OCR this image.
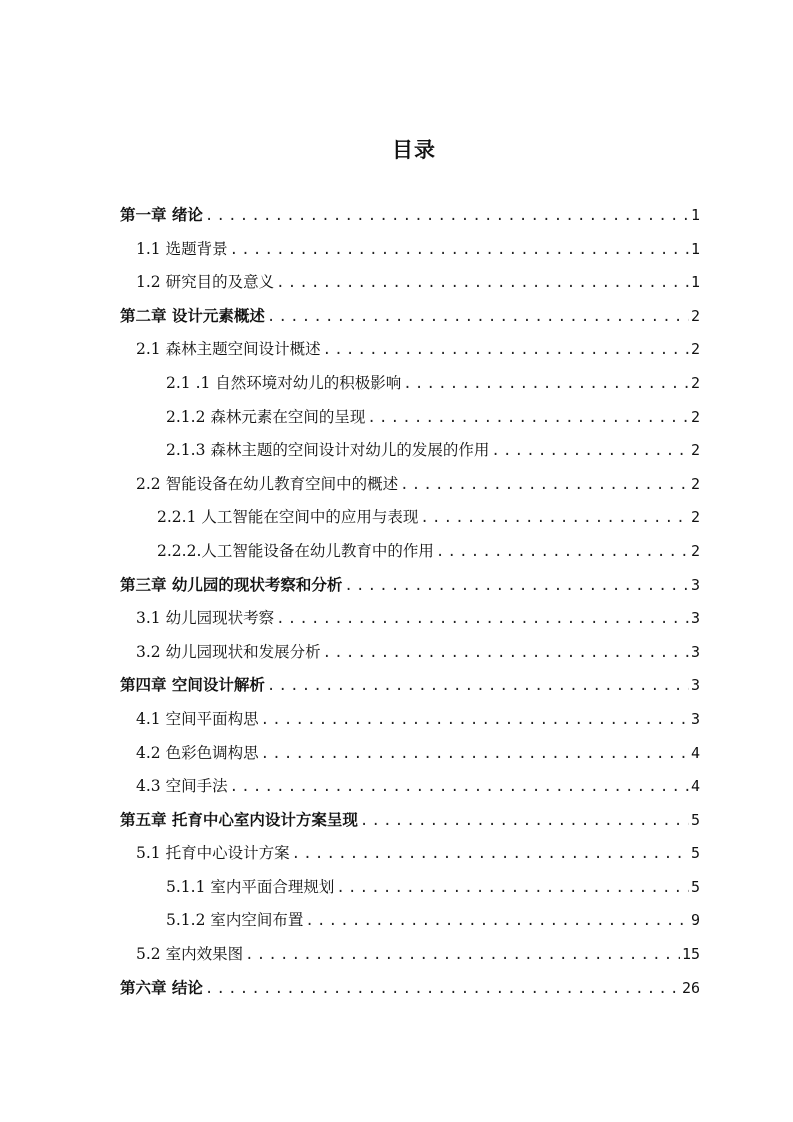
目录
第一章 绪论 .....	1
1.1 选题背景 .....	1
1.2 研究目的及意义 .....	1
第二章 设计元素概述 .....	2
2.1 森林主题空间设计概述 .....	2
2.1 .1 自然环境对幼儿的积极影响 .....	2
2.1.2 森林元素在空间的呈现 .....	2
2.1.3 森林主题的空间设计对幼儿的发展的作用 .....	2
2.2 智能设备在幼儿教育空间中的概述 .....	2
2.2.1 人工智能在空间中的应用与表现 .....	2
2.2.2.人工智能设备在幼儿教育中的作用 .....	2
第三章 幼儿园的现状考察和分析 .....	3
3.1 幼儿园现状考察 .....	3
3.2 幼儿园现状和发展分析 .....	3
第四章 空间设计解析 .....	3
4.1 空间平面构思 .....	3
4.2 色彩色调构思 .....	4
4.3 空间手法 .....	4
第五章 托育中心室内设计方案呈现 .....	5
5.1 托育中心设计方案 .....	5
5.1.1 室内平面合理规划 .....	5
5.1.2 室内空间布置 .....	9
5.2 室内效果图 .....	15
第六章 结论 .....	26
